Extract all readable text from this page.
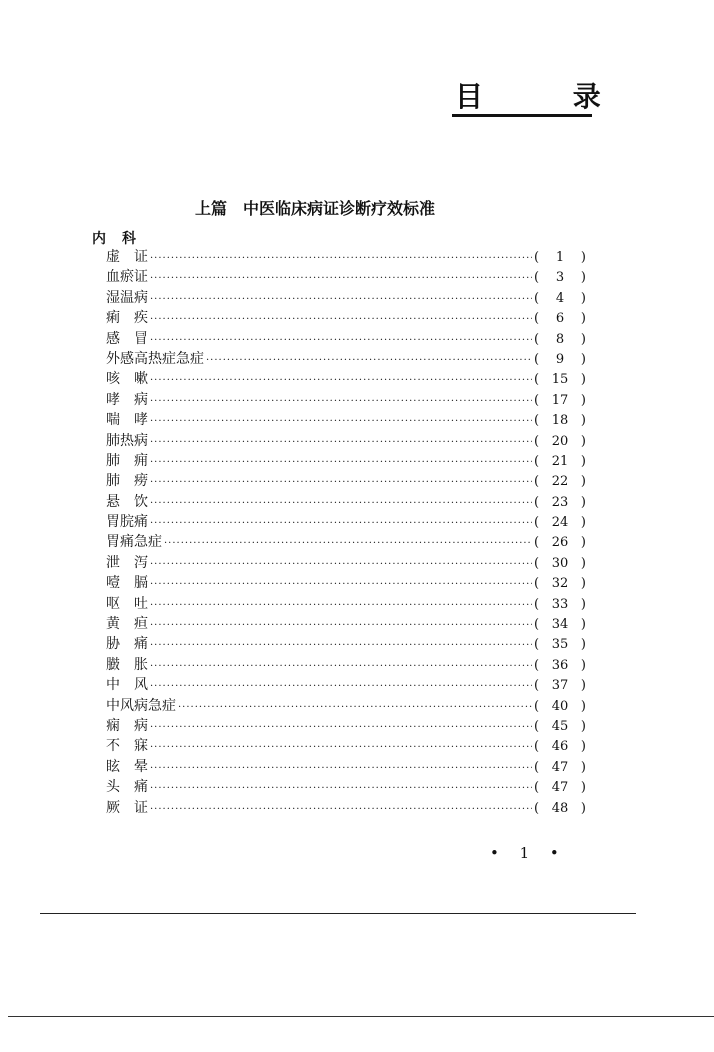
目 录
上篇 中医临床病证诊断疗效标准
内科
虚　证 ·····	(	1	)
血瘀证 ·····	(	3	)
湿温病 ·····	(	4	)
痢　疾 ·····	(	6	)
感　冒 ·····	(	8	)
外感高热症急症 ·····	(	9	)
咳　嗽 ·····	( 15 )
哮　病 ·····	( 17 )
喘　哮 ·····	( 18 )
肺热病 ·····	( 20 )
肺　痈 ·····	( 21 )
肺　痨 ·····	( 22 )
悬　饮 ·····	( 23 )
胃脘痛 ·····	( 24 )
胃痛急症 ·····	( 26 )
泄　泻 ·····	( 30 )
噎　膈 ·····	( 32 )
呕　吐 ·····	( 33 )
黄　疸 ·····	( 34 )
胁　痛 ·····	( 35 )
臌　胀 ·····	( 36 )
中　风 ·····	( 37 )
中风病急症 ·····	( 40 )
痫　病 ·····	( 45 )
不　寐 ·····	( 46 )
眩　晕 ·····	( 47 )
头　痛 ·····	( 47 )
厥　证 ·····	( 48 )
• 1 •
